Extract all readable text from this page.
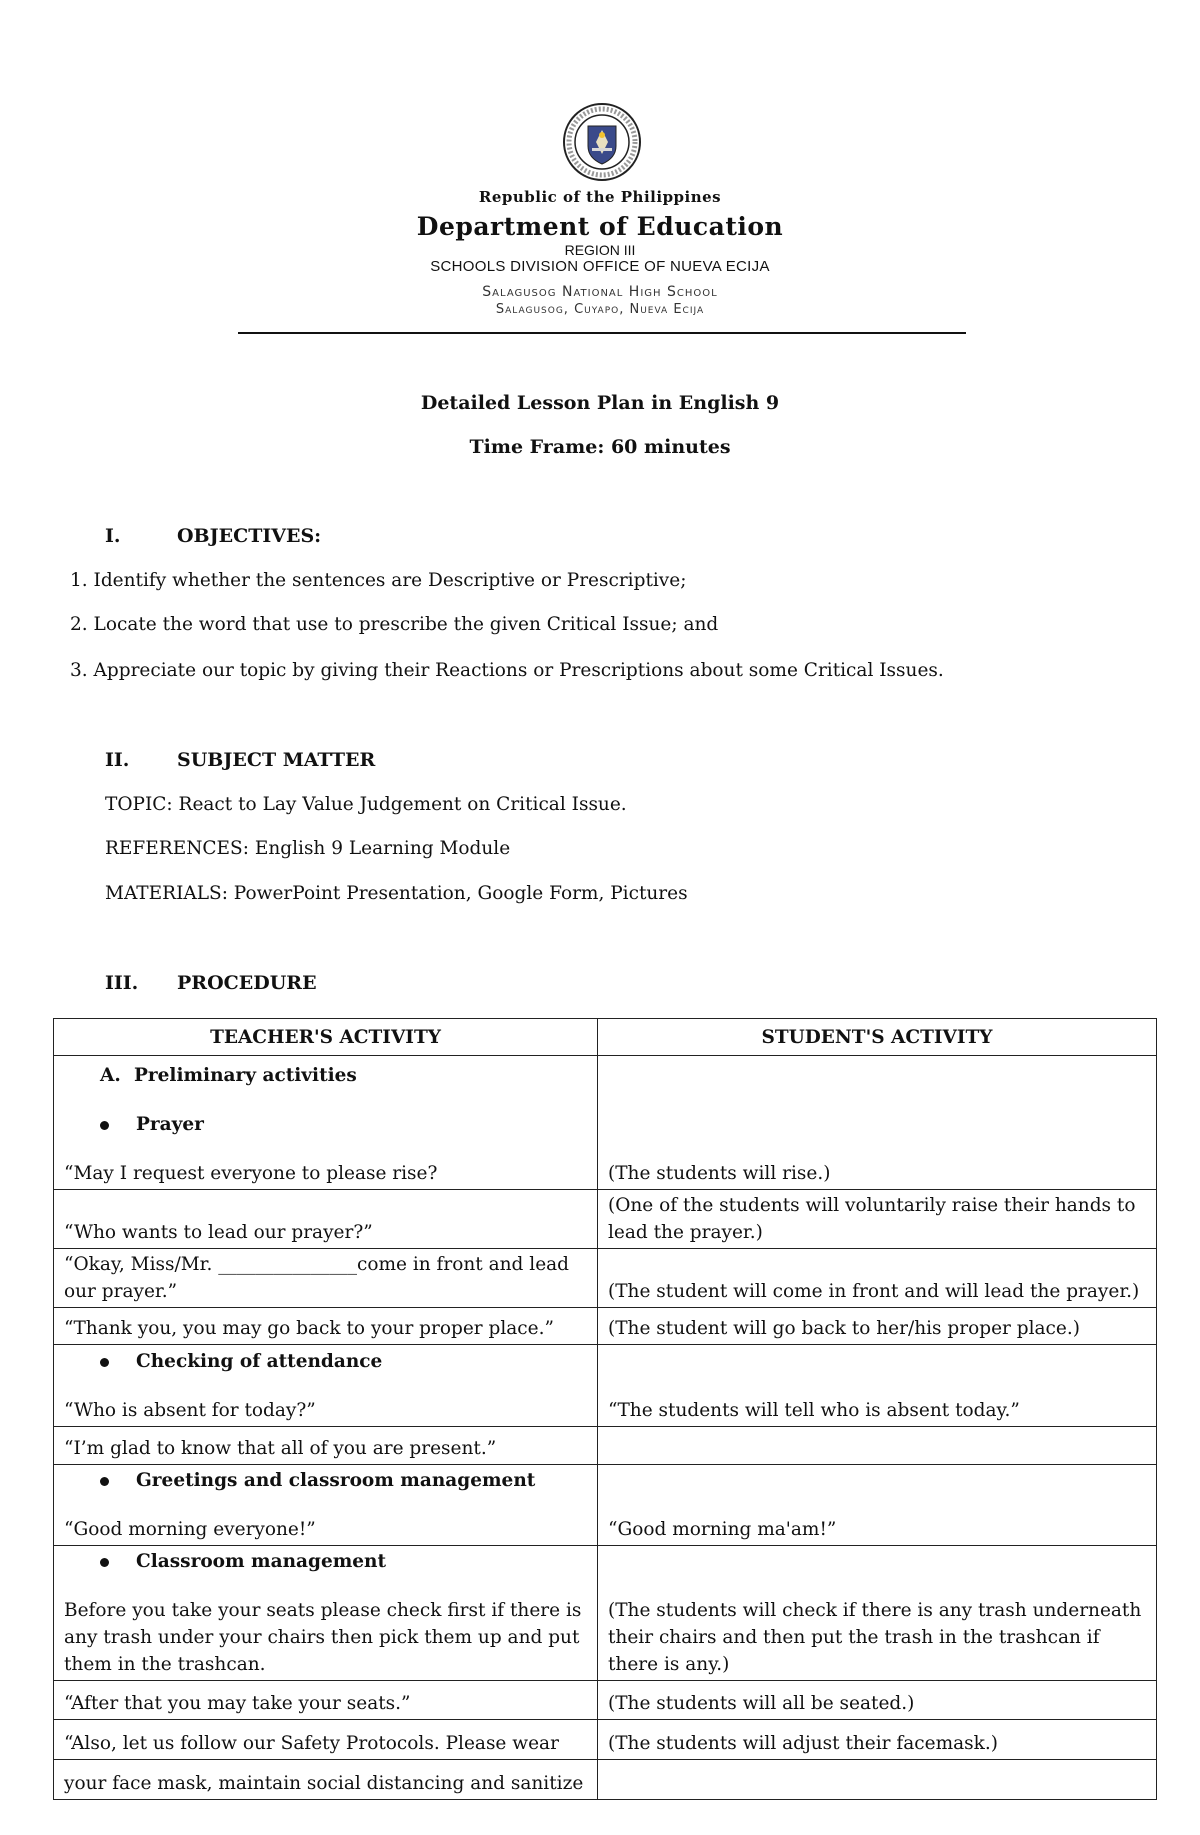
Republic of the Philippines
Department of Education
REGION III
SCHOOLS DIVISION OFFICE OF NUEVA ECIJA
Salagusog National High School
Salagusog, Cuyapo, Nueva Ecija
Detailed Lesson Plan in English 9
Time Frame: 60 minutes
I.	OBJECTIVES:
1. Identify whether the sentences are Descriptive or Prescriptive;
2. Locate the word that use to prescribe the given Critical Issue; and
3. Appreciate our topic by giving their Reactions or Prescriptions about some Critical Issues.
II.	SUBJECT MATTER
TOPIC: React to Lay Value Judgement on Critical Issue.
REFERENCES: English 9 Learning Module
MATERIALS: PowerPoint Presentation, Google Form, Pictures
III. PROCEDURE
TEACHER'S ACTIVITY	STUDENT'S ACTIVITY

A. Preliminary activities
Prayer
“May I request everyone to please rise?	(The students will rise.)
“Who wants to lead our prayer?”	(One of the students will voluntarily raise their hands to lead the prayer.)
“Okay, Miss/Mr. _______________come in front and lead our prayer.”	(The student will come in front and will lead the prayer.)
“Thank you, you may go back to your proper place.”	(The student will go back to her/his proper place.)

Checking of attendance
“Who is absent for today?”	“The students will tell who is absent today.”
“I’m glad to know that all of you are present.”	

Greetings and classroom management
“Good morning everyone!”	“Good morning ma'am!”

Classroom management
Before you take your seats please check first if there is any trash under your chairs then pick them up and put them in the trashcan.	(The students will check if there is any trash underneath their chairs and then put the trash in the trashcan if there is any.)
“After that you may take your seats.”	(The students will all be seated.)
“Also, let us follow our Safety Protocols. Please wear	(The students will adjust their facemask.)
your face mask, maintain social distancing and sanitize	
